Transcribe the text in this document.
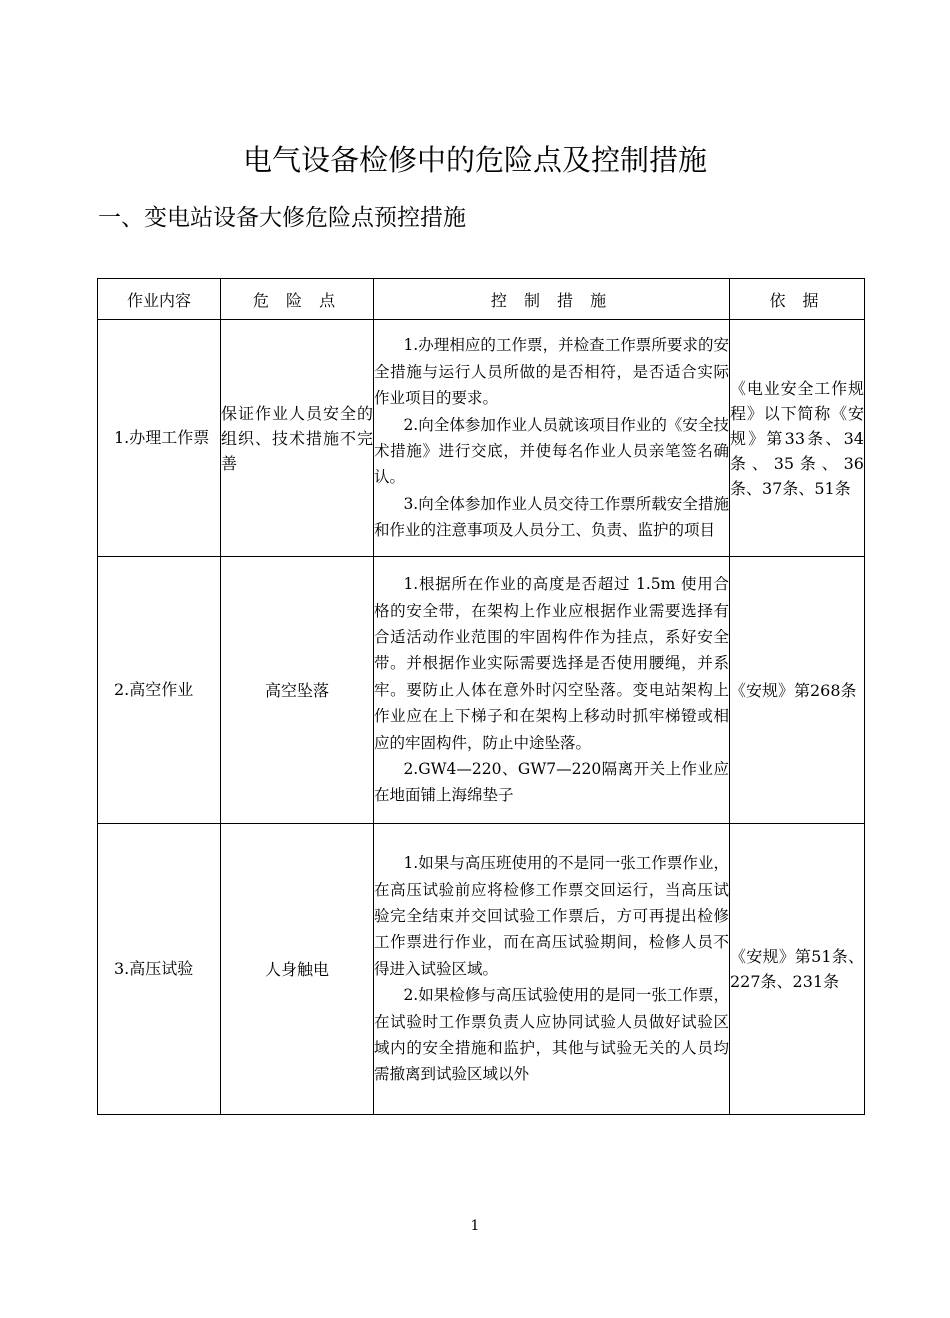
电气设备检修中的危险点及控制措施
一、变电站设备大修危险点预控措施
作业内容	危 险 点	控 制 措 施	依 据
1.办理工作票	保证作业人员安全的组织、技术措施不完善	1.办理相应的工作票，并检查工作票所要求的安全措施与运行人员所做的是否相符，是否适合实际作业项目的要求。

2.向全体参加作业人员就该项目作业的《安全技术措施》进行交底，并使每名作业人员亲笔签名确认。

3.向全体参加作业人员交待工作票所载安全措施和作业的注意事项及人员分工、负责、监护的项目	《电业安全工作规程》以下简称《安规》第33条、34条、35条、36条、37条、51条
2.高空作业	高空坠落	1.根据所在作业的高度是否超过 1.5m 使用合格的安全带，在架构上作业应根据作业需要选择有合适活动作业范围的牢固构件作为挂点，系好安全带。并根据作业实际需要选择是否使用腰绳，并系牢。要防止人体在意外时闪空坠落。变电站架构上作业应在上下梯子和在架构上移动时抓牢梯镫或相应的牢固构件，防止中途坠落。

2.GW4—220、GW7—220隔离开关上作业应在地面铺上海绵垫子	《安规》第268条
3.高压试验	人身触电	1.如果与高压班使用的不是同一张工作票作业，在高压试验前应将检修工作票交回运行，当高压试验完全结束并交回试验工作票后，方可再提出检修工作票进行作业，而在高压试验期间，检修人员不得进入试验区域。

2.如果检修与高压试验使用的是同一张工作票，在试验时工作票负责人应协同试验人员做好试验区域内的安全措施和监护，其他与试验无关的人员均需撤离到试验区域以外	《安规》第51条、227条、231条
1
